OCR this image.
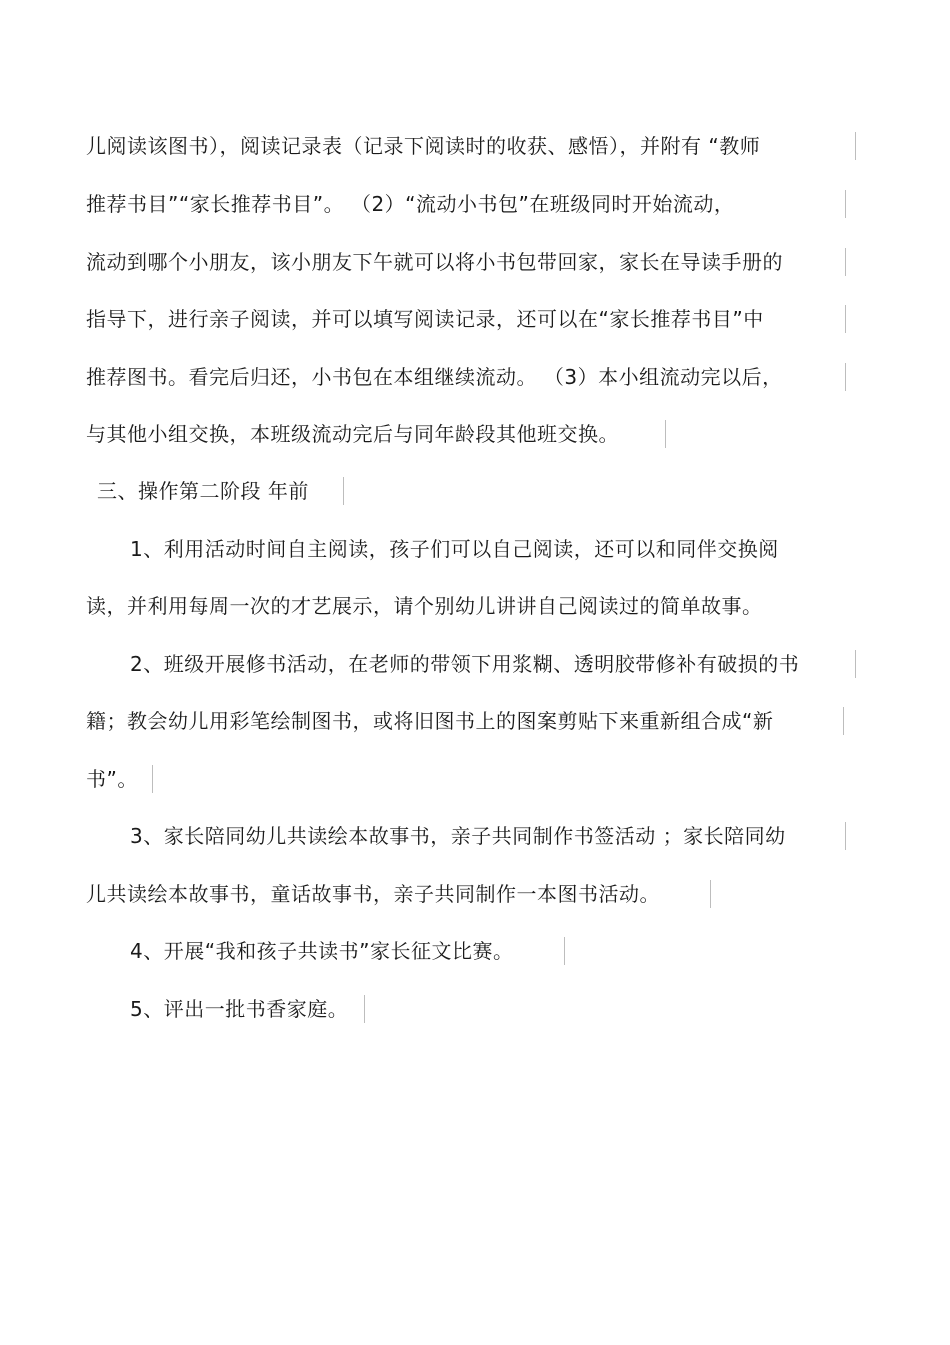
儿阅读该图书），阅读记录表（记录下阅读时的收获、感悟），并附有 “教师
推荐书目”“家长推荐书目”。 （2）“流动小书包”在班级同时开始流动，
流动到哪个小朋友，该小朋友下午就可以将小书包带回家，家长在导读手册的
指导下，进行亲子阅读，并可以填写阅读记录，还可以在“家长推荐书目”中
推荐图书。看完后归还，小书包在本组继续流动。 （3）本小组流动完以后，
与其他小组交换，本班级流动完后与同年龄段其他班交换。
三、操作第二阶段 年前
1、利用活动时间自主阅读，孩子们可以自己阅读，还可以和同伴交换阅
读，并利用每周一次的才艺展示，请个别幼儿讲讲自己阅读过的简单故事。
2、班级开展修书活动，在老师的带领下用浆糊、透明胶带修补有破损的书
籍；教会幼儿用彩笔绘制图书，或将旧图书上的图案剪贴下来重新组合成“新
书”。
3、家长陪同幼儿共读绘本故事书，亲子共同制作书签活动 ；家长陪同幼
儿共读绘本故事书，童话故事书，亲子共同制作一本图书活动。
4、开展“我和孩子共读书”家长征文比赛。
5、评出一批书香家庭。
